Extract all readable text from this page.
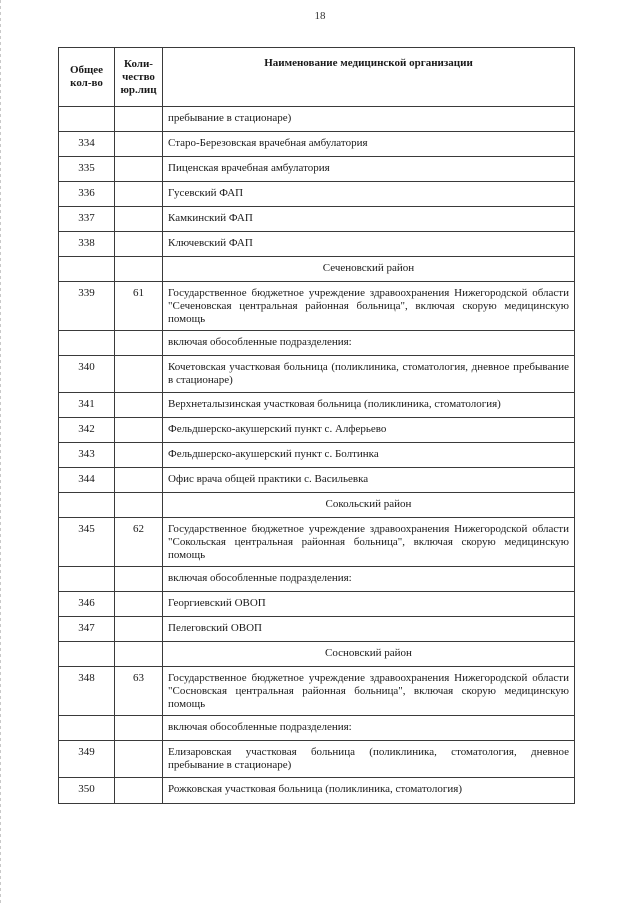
18
Общее кол-во	Коли-чество юр.лиц	Наименование медицинской организации

		пребывание в стационаре)
334		Старо-Березовская врачебная амбулатория
335		Пиценская врачебная амбулатория
336		Гусевский ФАП
337		Камкинский ФАП
338		Ключевский ФАП
		Сеченовский район
339	61	Государственное бюджетное учреждение здравоохранения Нижегородской области "Сеченовская центральная районная больница", включая скорую медицинскую помощь
		включая обособленные подразделения:
340		Кочетовская участковая больница (поликлиника, стоматология, дневное пребывание в стационаре)
341		Верхнеталызинская участковая больница (поликлиника, стоматология)
342		Фельдшерско-акушерский пункт с. Алферьево
343		Фельдшерско-акушерский пункт с. Болтинка
344		Офис врача общей практики с. Васильевка
		Сокольский район
345	62	Государственное бюджетное учреждение здравоохранения Нижегородской области "Сокольская центральная районная больница", включая скорую медицинскую помощь
		включая обособленные подразделения:
346		Георгиевский ОВОП
347		Пелеговский ОВОП
		Сосновский район
348	63	Государственное бюджетное учреждение здравоохранения Нижегородской области "Сосновская центральная районная больница", включая скорую медицинскую помощь
		включая обособленные подразделения:
349		Елизаровская участковая больница (поликлиника, стоматология, дневное пребывание в стационаре)
350		Рожковская участковая больница (поликлиника, стоматология)
